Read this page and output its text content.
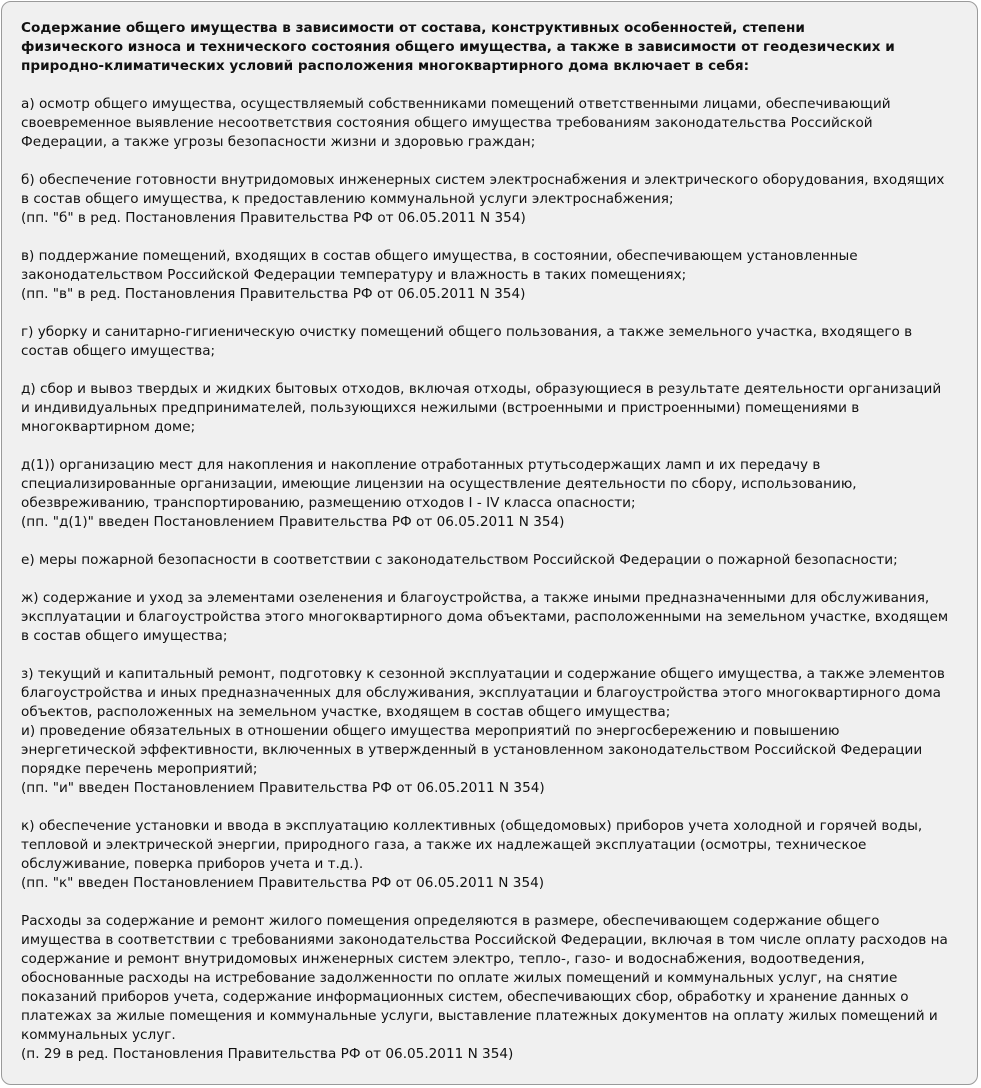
Содержание общего имущества в зависимости от состава, конструктивных особенностей, степени
физического износа и технического состояния общего имущества, а также в зависимости от геодезических и
природно-климатических условий расположения многоквартирного дома включает в себя:
а) осмотр общего имущества, осуществляемый собственниками помещений ответственными лицами, обеспечивающий
своевременное выявление несоответствия состояния общего имущества требованиям законодательства Российской
Федерации, а также угрозы безопасности жизни и здоровью граждан;
б) обеспечение готовности внутридомовых инженерных систем электроснабжения и электрического оборудования, входящих
в состав общего имущества, к предоставлению коммунальной услуги электроснабжения;
(пп. "б" в ред. Постановления Правительства РФ от 06.05.2011 N 354)
в) поддержание помещений, входящих в состав общего имущества, в состоянии, обеспечивающем установленные
законодательством Российской Федерации температуру и влажность в таких помещениях;
(пп. "в" в ред. Постановления Правительства РФ от 06.05.2011 N 354)
г) уборку и санитарно-гигиеническую очистку помещений общего пользования, а также земельного участка, входящего в
состав общего имущества;
д) сбор и вывоз твердых и жидких бытовых отходов, включая отходы, образующиеся в результате деятельности организаций
и индивидуальных предпринимателей, пользующихся нежилыми (встроенными и пристроенными) помещениями в
многоквартирном доме;
д(1)) организацию мест для накопления и накопление отработанных ртутьсодержащих ламп и их передачу в
специализированные организации, имеющие лицензии на осуществление деятельности по сбору, использованию,
обезвреживанию, транспортированию, размещению отходов I - IV класса опасности;
(пп. "д(1)" введен Постановлением Правительства РФ от 06.05.2011 N 354)
е) меры пожарной безопасности в соответствии с законодательством Российской Федерации о пожарной безопасности;
ж) содержание и уход за элементами озеленения и благоустройства, а также иными предназначенными для обслуживания,
эксплуатации и благоустройства этого многоквартирного дома объектами, расположенными на земельном участке, входящем
в состав общего имущества;
з) текущий и капитальный ремонт, подготовку к сезонной эксплуатации и содержание общего имущества, а также элементов
благоустройства и иных предназначенных для обслуживания, эксплуатации и благоустройства этого многоквартирного дома
объектов, расположенных на земельном участке, входящем в состав общего имущества;
и) проведение обязательных в отношении общего имущества мероприятий по энергосбережению и повышению
энергетической эффективности, включенных в утвержденный в установленном законодательством Российской Федерации
порядке перечень мероприятий;
(пп. "и" введен Постановлением Правительства РФ от 06.05.2011 N 354)
к) обеспечение установки и ввода в эксплуатацию коллективных (общедомовых) приборов учета холодной и горячей воды,
тепловой и электрической энергии, природного газа, а также их надлежащей эксплуатации (осмотры, техническое
обслуживание, поверка приборов учета и т.д.).
(пп. "к" введен Постановлением Правительства РФ от 06.05.2011 N 354)
Расходы за содержание и ремонт жилого помещения определяются в размере, обеспечивающем содержание общего
имущества в соответствии с требованиями законодательства Российской Федерации, включая в том числе оплату расходов на
содержание и ремонт внутридомовых инженерных систем электро, тепло-, газо- и водоснабжения, водоотведения,
обоснованные расходы на истребование задолженности по оплате жилых помещений и коммунальных услуг, на снятие
показаний приборов учета, содержание информационных систем, обеспечивающих сбор, обработку и хранение данных о
платежах за жилые помещения и коммунальные услуги, выставление платежных документов на оплату жилых помещений и
коммунальных услуг.
(п. 29 в ред. Постановления Правительства РФ от 06.05.2011 N 354)
